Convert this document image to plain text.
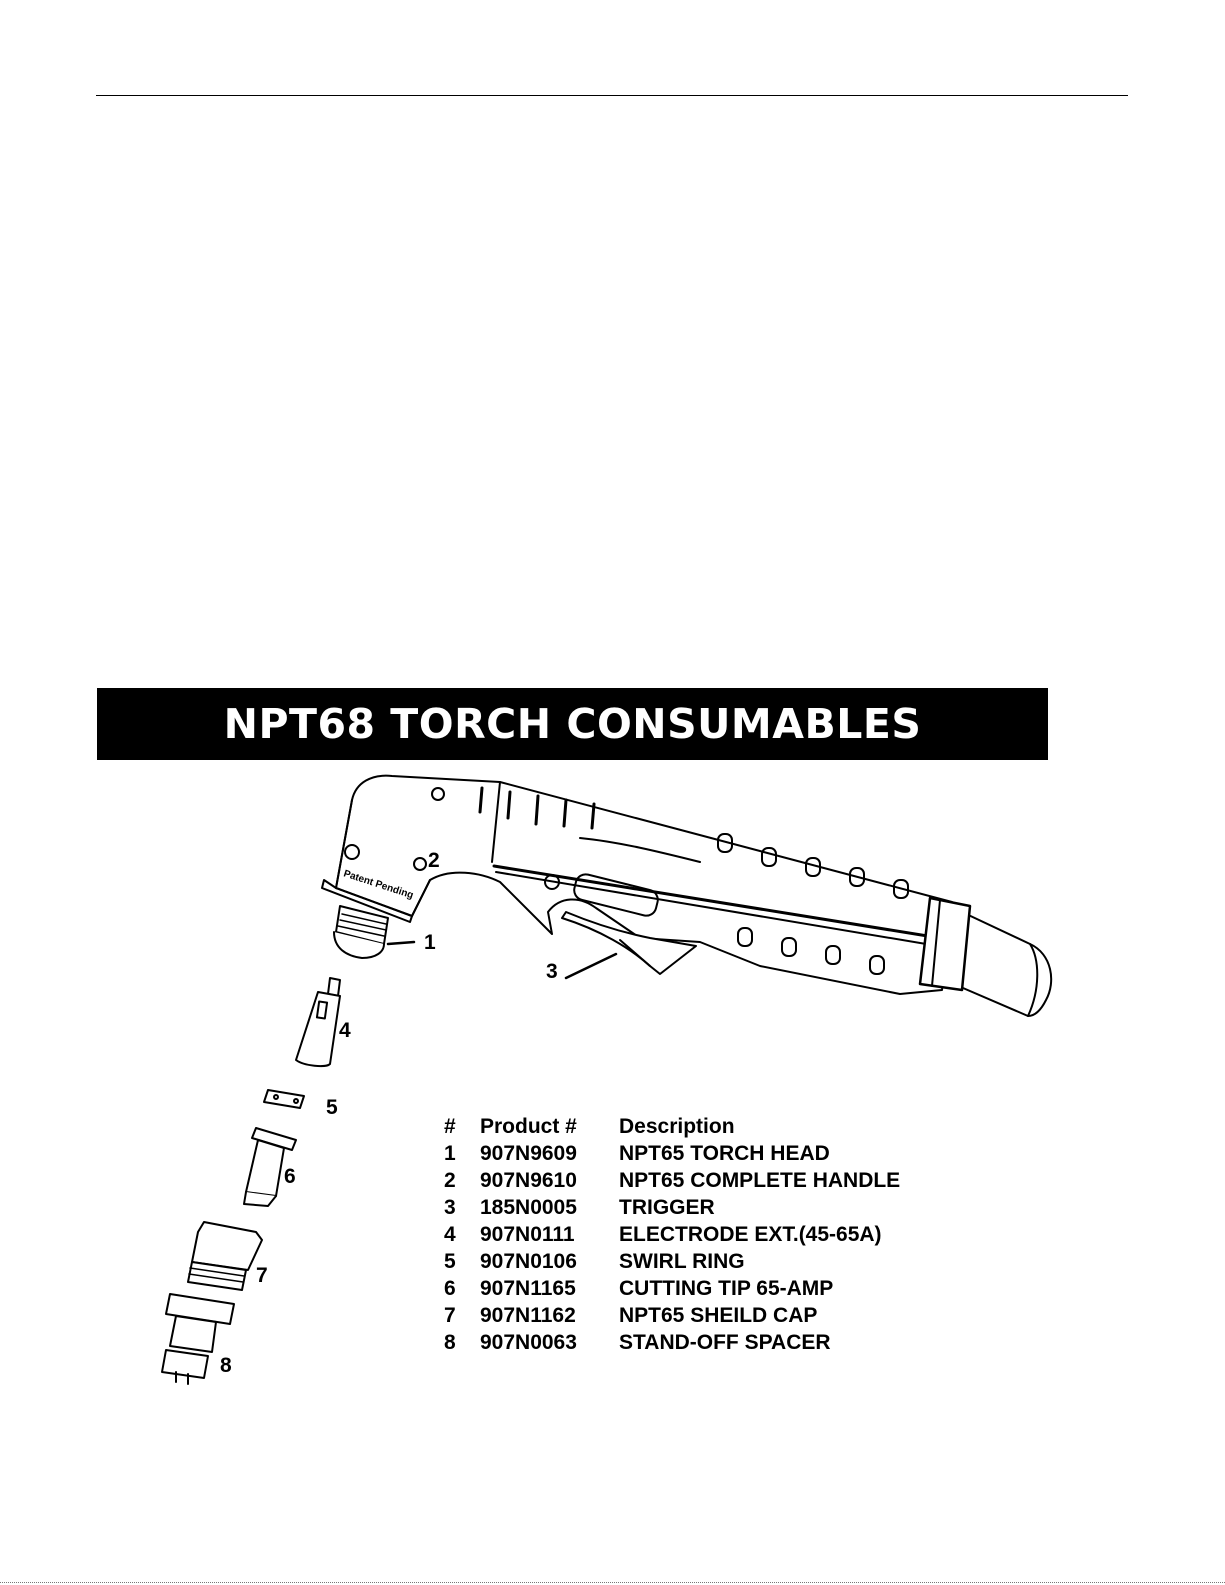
NPT68 TORCH CONSUMABLES
Patent Pending
1
2
3
4
5
6
7
8
#	Product #	Description
1	907N9609	NPT65 TORCH HEAD
2	907N9610	NPT65 COMPLETE HANDLE
3	185N0005	TRIGGER
4	907N0111	ELECTRODE EXT.(45-65A)
5	907N0106	SWIRL RING
6	907N1165	CUTTING TIP 65-AMP
7	907N1162	NPT65 SHEILD CAP
8	907N0063	STAND-OFF SPACER
